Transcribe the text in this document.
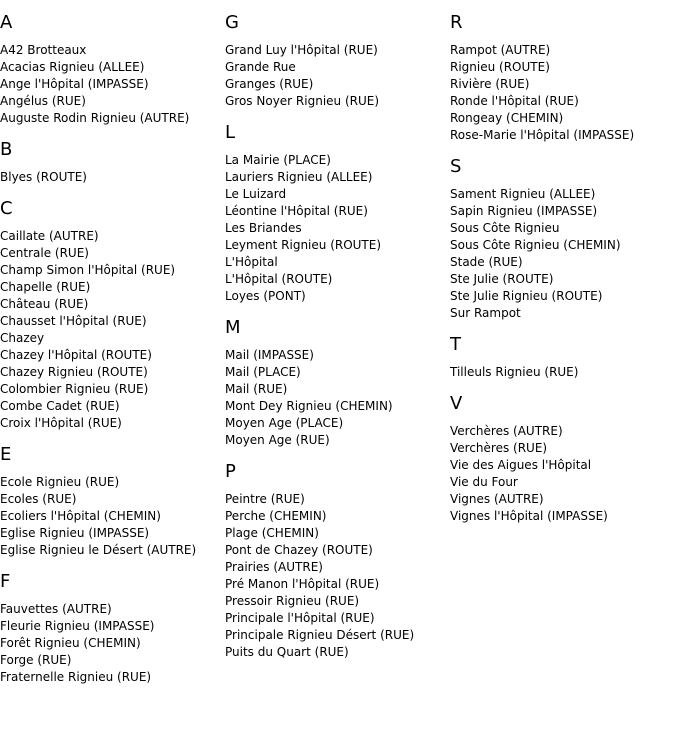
A
A42 Brotteaux
Acacias Rignieu (ALLEE)
Ange l'Hôpital (IMPASSE)
Angélus (RUE)
Auguste Rodin Rignieu (AUTRE)
B
Blyes (ROUTE)
C
Caillate (AUTRE)
Centrale (RUE)
Champ Simon l'Hôpital (RUE)
Chapelle (RUE)
Château (RUE)
Chausset l'Hôpital (RUE)
Chazey
Chazey l'Hôpital (ROUTE)
Chazey Rignieu (ROUTE)
Colombier Rignieu (RUE)
Combe Cadet (RUE)
Croix l'Hôpital (RUE)
E
Ecole Rignieu (RUE)
Ecoles (RUE)
Ecoliers l'Hôpital (CHEMIN)
Eglise Rignieu (IMPASSE)
Eglise Rignieu le Désert (AUTRE)
F
Fauvettes (AUTRE)
Fleurie Rignieu (IMPASSE)
Forêt Rignieu (CHEMIN)
Forge (RUE)
Fraternelle Rignieu (RUE)
G
Grand Luy l'Hôpital (RUE)
Grande Rue
Granges (RUE)
Gros Noyer Rignieu (RUE)
L
La Mairie (PLACE)
Lauriers Rignieu (ALLEE)
Le Luizard
Léontine l'Hôpital (RUE)
Les Briandes
Leyment Rignieu (ROUTE)
L'Hôpital
L'Hôpital (ROUTE)
Loyes (PONT)
M
Mail (IMPASSE)
Mail (PLACE)
Mail (RUE)
Mont Dey Rignieu (CHEMIN)
Moyen Age (PLACE)
Moyen Age (RUE)
P
Peintre (RUE)
Perche (CHEMIN)
Plage (CHEMIN)
Pont de Chazey (ROUTE)
Prairies (AUTRE)
Pré Manon l'Hôpital (RUE)
Pressoir Rignieu (RUE)
Principale l'Hôpital (RUE)
Principale Rignieu Désert (RUE)
Puits du Quart (RUE)
R
Rampot (AUTRE)
Rignieu (ROUTE)
Rivière (RUE)
Ronde l'Hôpital (RUE)
Rongeay (CHEMIN)
Rose-Marie l'Hôpital (IMPASSE)
S
Sament Rignieu (ALLEE)
Sapin Rignieu (IMPASSE)
Sous Côte Rignieu
Sous Côte Rignieu (CHEMIN)
Stade (RUE)
Ste Julie (ROUTE)
Ste Julie Rignieu (ROUTE)
Sur Rampot
T
Tilleuls Rignieu (RUE)
V
Verchères (AUTRE)
Verchères (RUE)
Vie des Aigues l'Hôpital
Vie du Four
Vignes (AUTRE)
Vignes l'Hôpital (IMPASSE)
